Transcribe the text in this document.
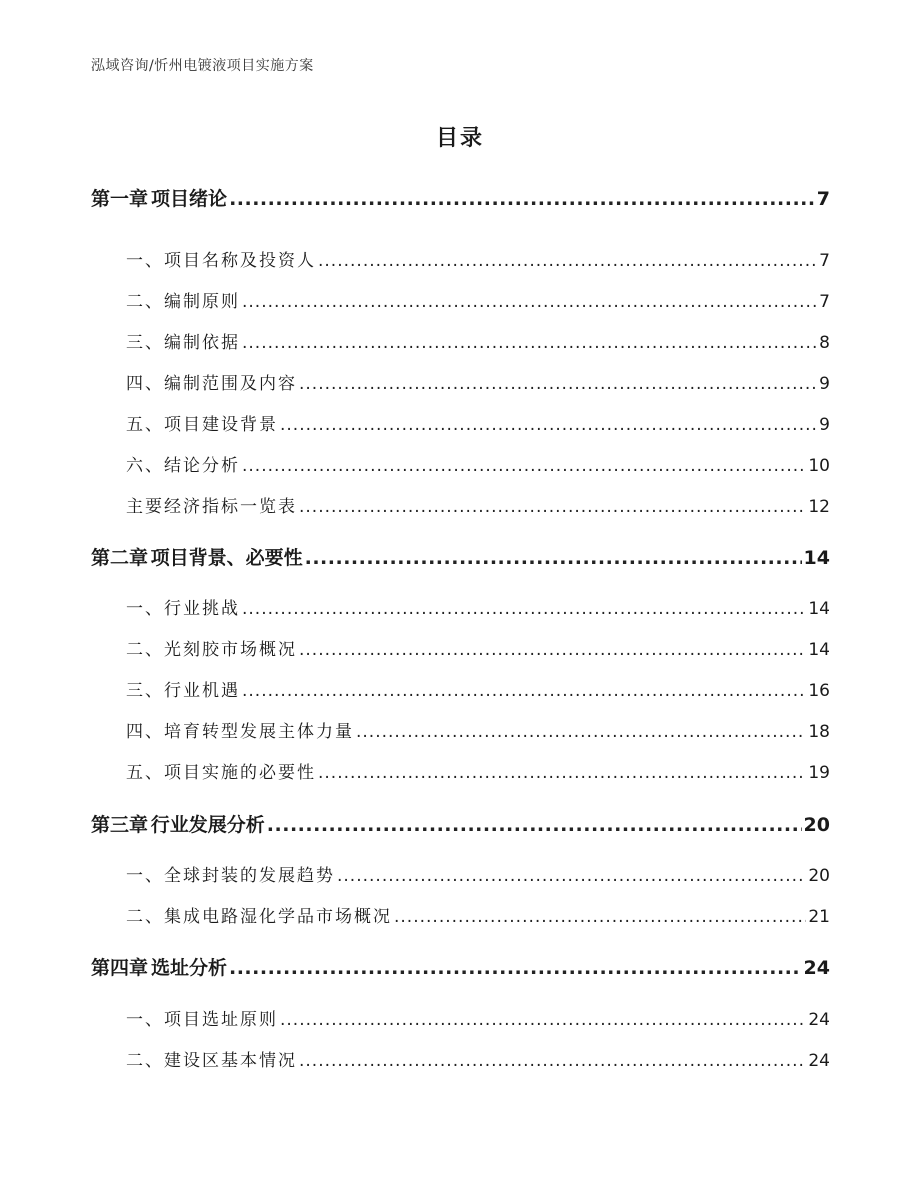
泓域咨询/忻州电镀液项目实施方案
目录
第一章 项目绪论 .....	7
一、 项目名称及投资人 .....	7
二、 编制原则 .....	7
三、 编制依据 .....	8
四、 编制范围及内容 .....	9
五、 项目建设背景 .....	9
六、 结论分析 .....	10
主要经济指标一览表 .....	12
第二章 项目背景、必要性 .....	14
一、 行业挑战 .....	14
二、 光刻胶市场概况 .....	14
三、 行业机遇 .....	16
四、 培育转型发展主体力量 .....	18
五、 项目实施的必要性 .....	19
第三章 行业发展分析 .....	20
一、 全球封装的发展趋势 .....	20
二、 集成电路湿化学品市场概况 .....	21
第四章 选址分析 .....	24
一、 项目选址原则 .....	24
二、 建设区基本情况 .....	24
